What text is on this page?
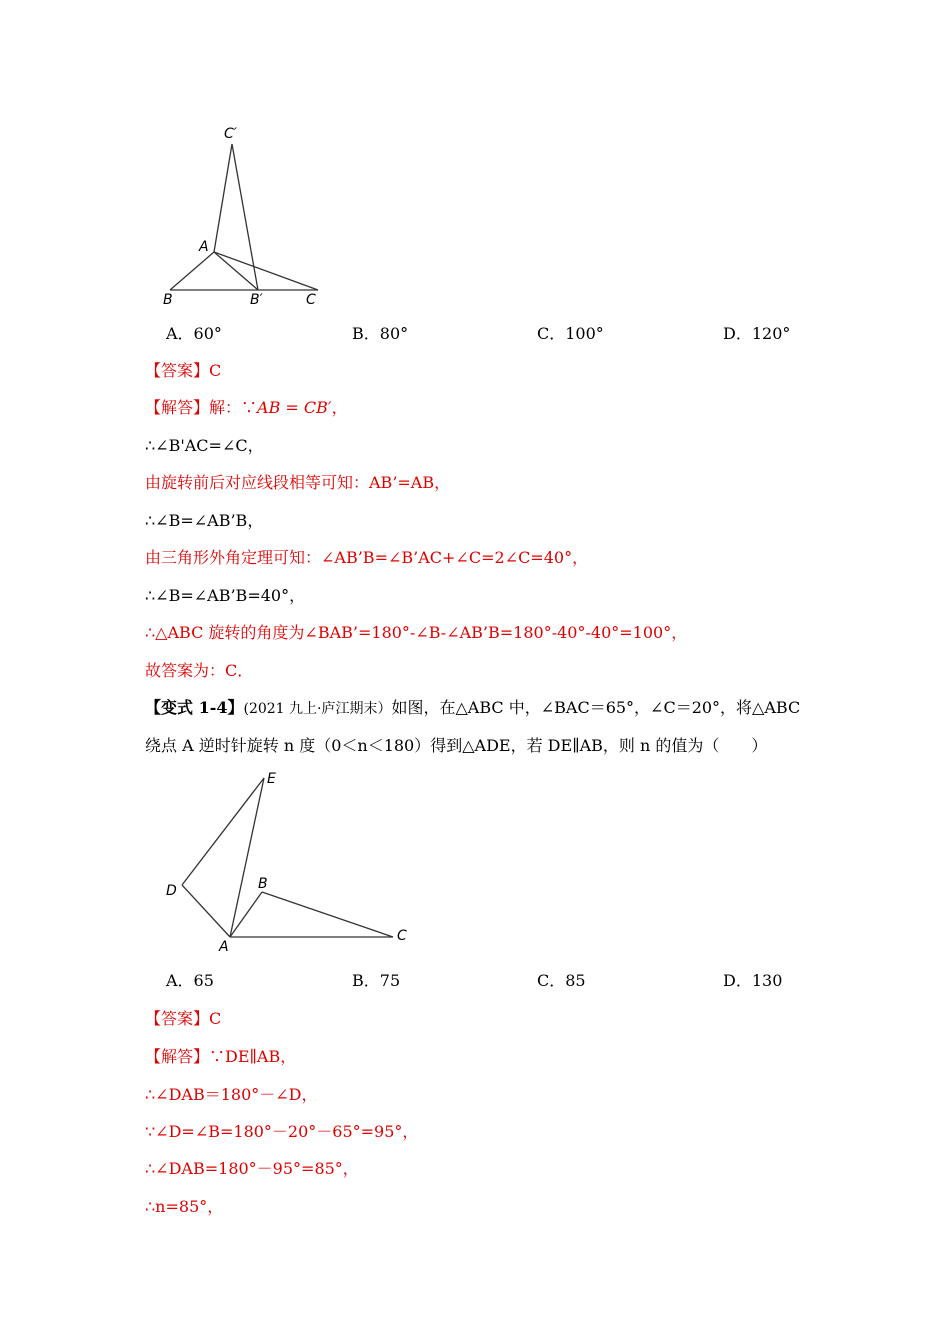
C′
A
B	B′	C
A．60°	B．80°	C．100°	D．120°
【答案】C
【解答】解：∵AB = CB′，
∴∠B'AC=∠C，
由旋转前后对应线段相等可知：AB’=AB，
∴∠B=∠AB’B，
由三角形外角定理可知：∠AB’B=∠B’AC+∠C=2∠C=40°，
∴∠B=∠AB’B=40°，
∴△ABC 旋转的角度为∠BAB’=180°-∠B-∠AB’B=180°-40°-40°=100°，
故答案为：C．
【变式 1-4】(2021 九上·庐江期末）如图，在△ABC 中，∠BAC＝65°，∠C＝20°，将△ABC
绕点 A 逆时针旋转 n 度（0＜n＜180）得到△ADE，若 DE∥AB，则 n 的值为（　　）
E
D	B
A
C
A．65	B．75	C．85	D．130
【答案】C
【解答】∵DE∥AB，
∴∠DAB＝180°－∠D，
∵∠D=∠B=180°－20°－65°=95°，
∴∠DAB=180°－95°=85°，
∴n=85°，
